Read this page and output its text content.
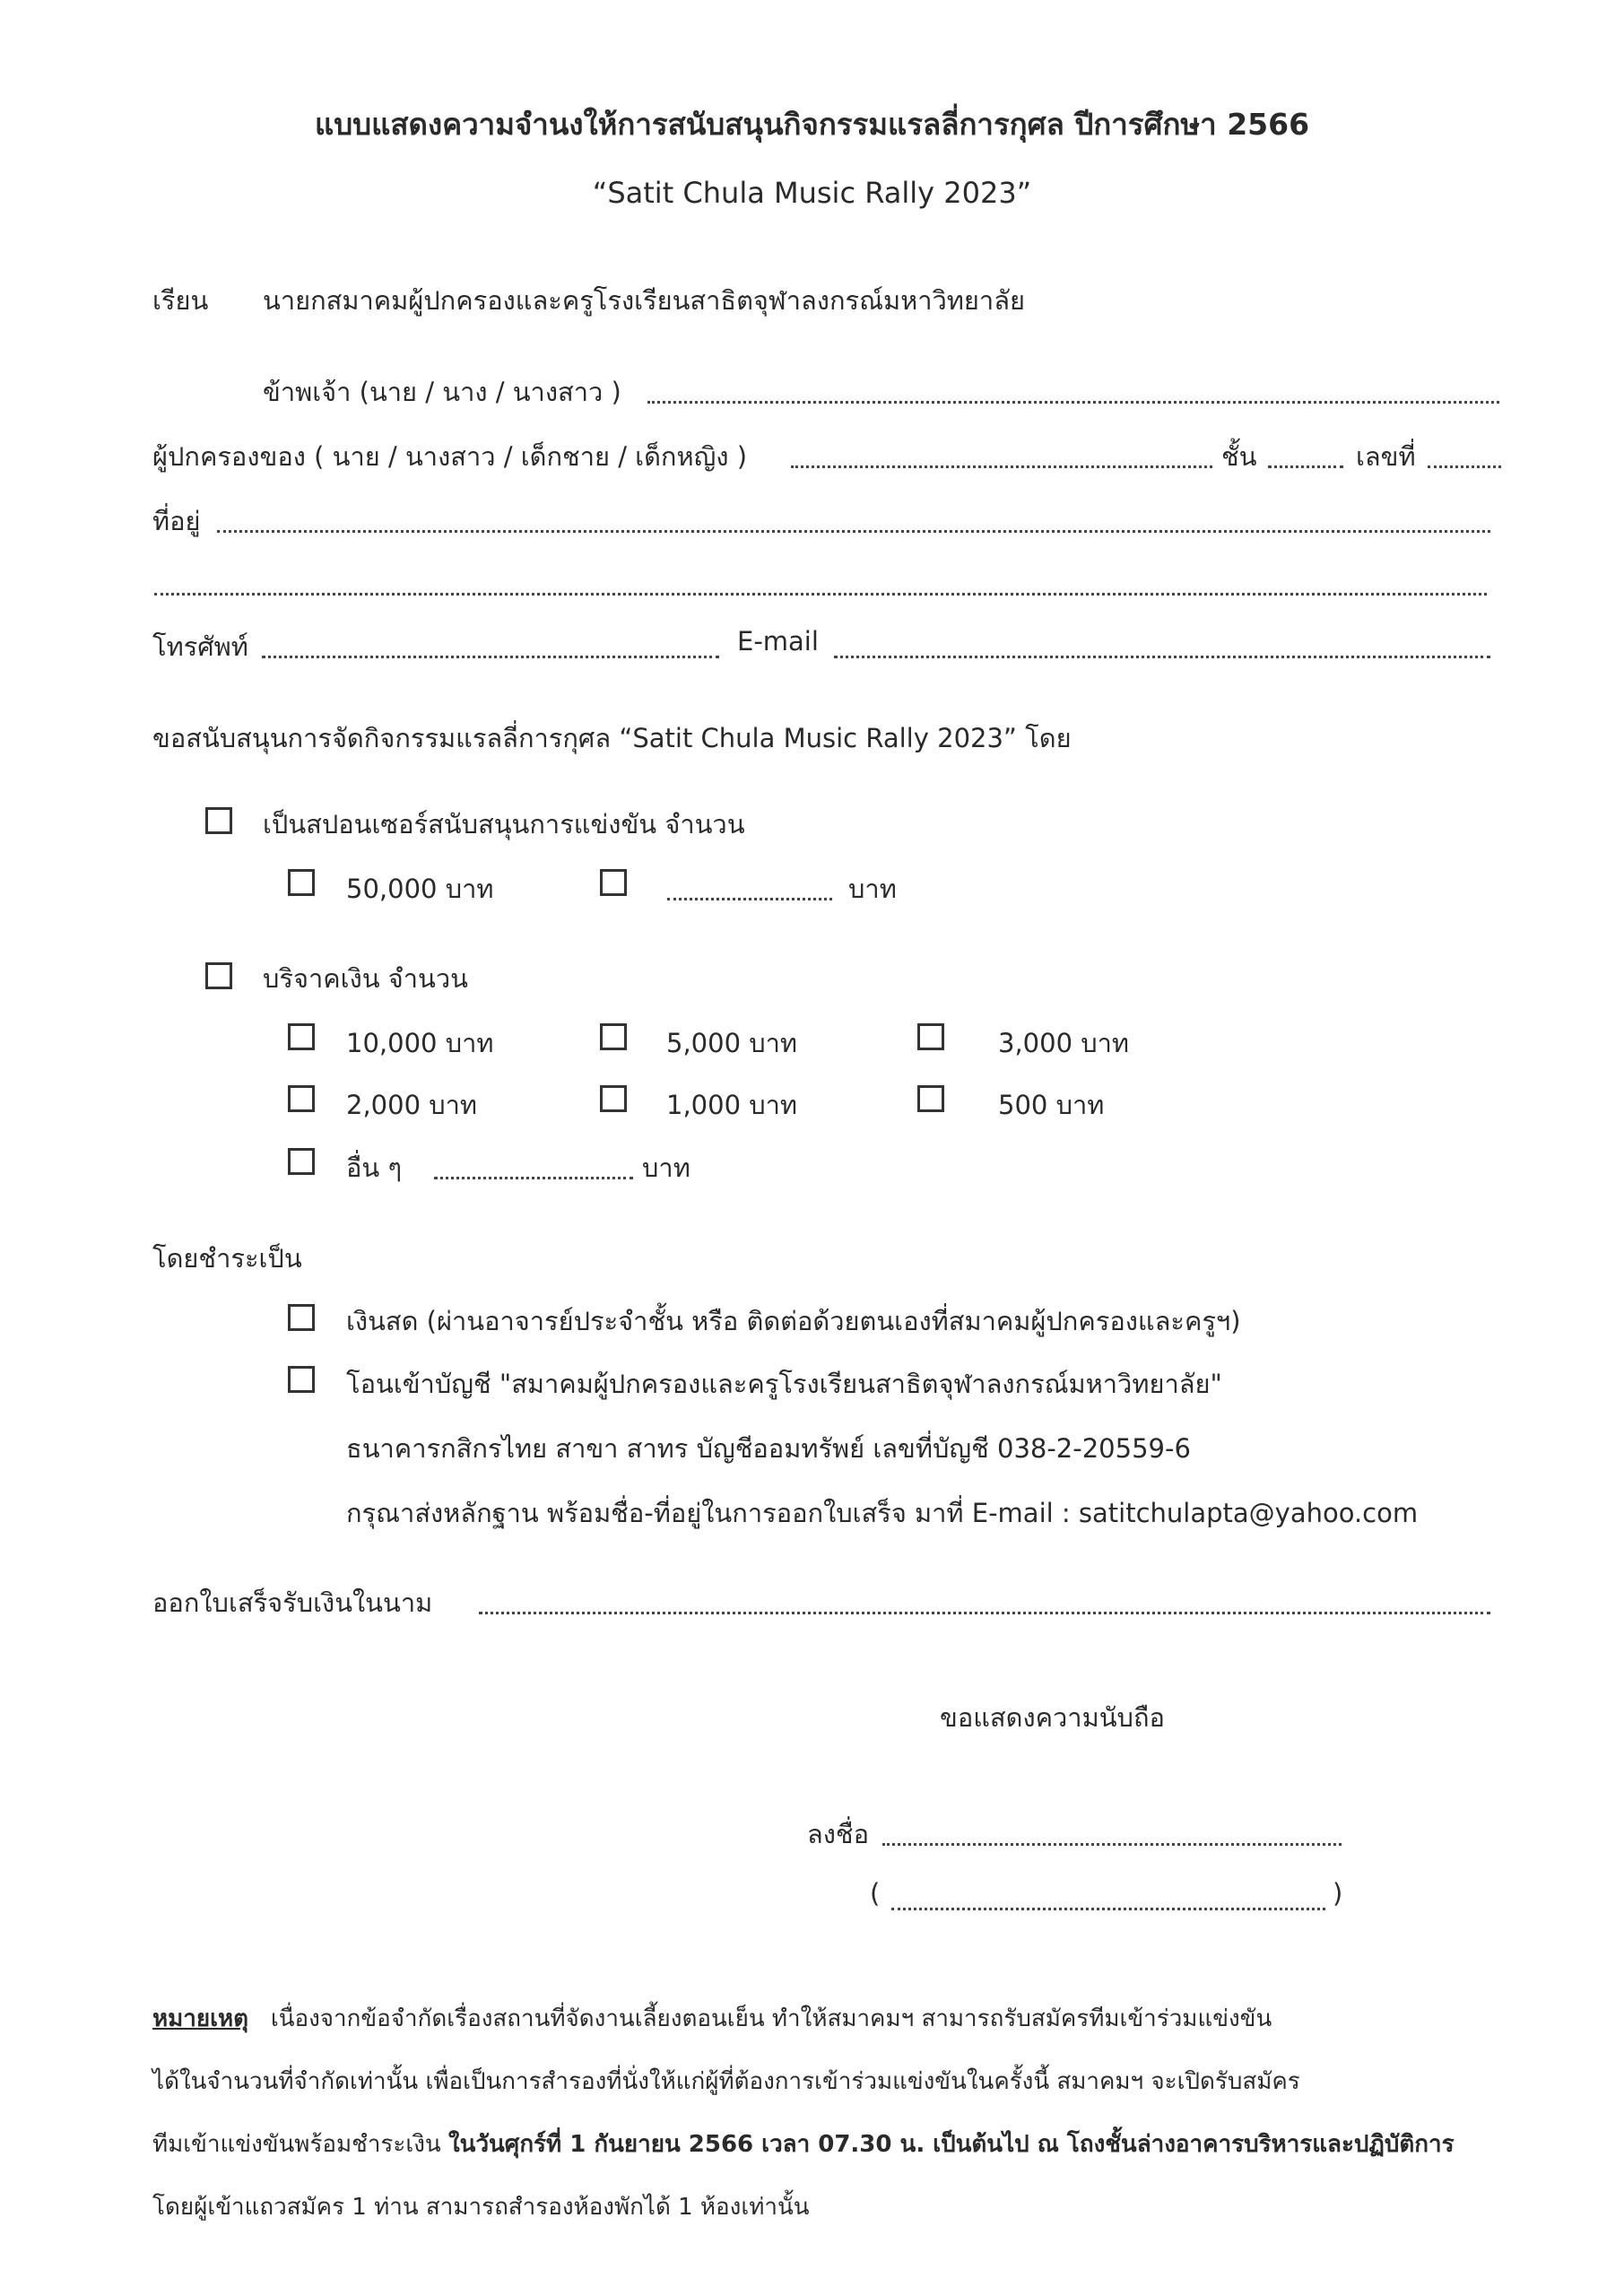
แบบแสดงความจำนงให้การสนับสนุนกิจกรรมแรลลี่การกุศล ปีการศึกษา 2566
“Satit Chula Music Rally 2023”
เรียน นายกสมาคมผู้ปกครองและครูโรงเรียนสาธิตจุฬาลงกรณ์มหาวิทยาลัย
ข้าพเจ้า (นาย / นาง / นางสาว )
ผู้ปกครองของ ( นาย / นางสาว / เด็กชาย / เด็กหญิง )	ชั้น	เลขที่
ที่อยู่
โทรศัพท์	E-mail
ขอสนับสนุนการจัดกิจกรรมแรลลี่การกุศล “Satit Chula Music Rally 2023” โดย
เป็นสปอนเซอร์สนับสนุนการแข่งขัน จำนวน
50,000 บาท	บาท
บริจาคเงิน จำนวน
10,000 บาท	5,000 บาท	3,000 บาท
2,000 บาท	1,000 บาท	500 บาท
อื่น ๆ	บาท
โดยชำระเป็น
เงินสด (ผ่านอาจารย์ประจำชั้น หรือ ติดต่อด้วยตนเองที่สมาคมผู้ปกครองและครูฯ)
โอนเข้าบัญชี "สมาคมผู้ปกครองและครูโรงเรียนสาธิตจุฬาลงกรณ์มหาวิทยาลัย"
ธนาคารกสิกรไทย สาขา สาทร บัญชีออมทรัพย์ เลขที่บัญชี 038-2-20559-6
กรุณาส่งหลักฐาน พร้อมชื่อ-ที่อยู่ในการออกใบเสร็จ มาที่ E-mail : satitchulapta@yahoo.com
ออกใบเสร็จรับเงินในนาม
ขอแสดงความนับถือ
ลงชื่อ
(	)
หมายเหตุ เนื่องจากข้อจำกัดเรื่องสถานที่จัดงานเลี้ยงตอนเย็น ทำให้สมาคมฯ สามารถรับสมัครทีมเข้าร่วมแข่งขัน
ได้ในจำนวนที่จำกัดเท่านั้น เพื่อเป็นการสำรองที่นั่งให้แก่ผู้ที่ต้องการเข้าร่วมแข่งขันในครั้งนี้ สมาคมฯ จะเปิดรับสมัคร
ทีมเข้าแข่งขันพร้อมชำระเงิน ในวันศุกร์ที่ 1 กันยายน 2566 เวลา 07.30 น. เป็นต้นไป ณ โถงชั้นล่างอาคารบริหารและปฏิบัติการ
โดยผู้เข้าแถวสมัคร 1 ท่าน สามารถสำรองห้องพักได้ 1 ห้องเท่านั้น
